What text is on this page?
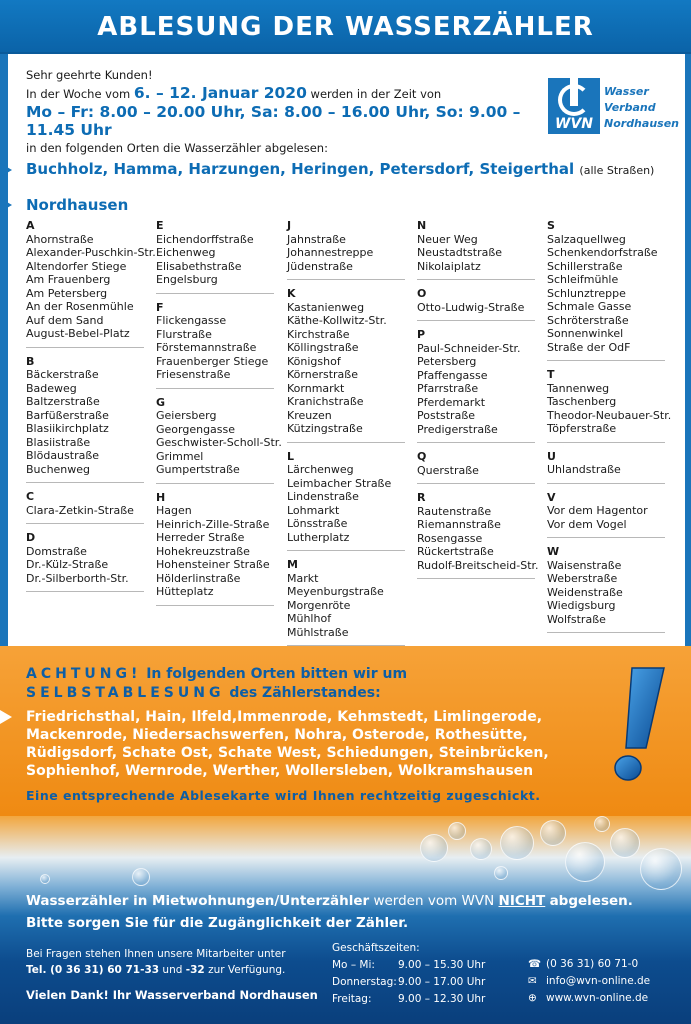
ABLESUNG DER WASSERZÄHLER
Sehr geehrte Kunden!
In der Woche vom 6. – 12. Januar 2020 werden in der Zeit von
Mo – Fr: 8.00 – 20.00 Uhr, Sa: 8.00 – 16.00 Uhr, So: 9.00 – 11.45 Uhr
in den folgenden Orten die Wasserzähler abgelesen:
WVN
Wasser
Verband
Nordhausen
Buchholz, Hamma, Harzungen, Heringen, Petersdorf, Steigerthal (alle Straßen)
Nordhausen
A
Ahornstraße
Alexander-Puschkin-Str.
Altendorfer Stiege
Am Frauenberg
Am Petersberg
An der Rosenmühle
Auf dem Sand
August-Bebel-Platz
B
Bäckerstraße
Badeweg
Baltzerstraße
Barfüßerstraße
Blasiikirchplatz
Blasiistraße
Blödaustraße
Buchenweg
C
Clara-Zetkin-Straße
D
Domstraße
Dr.-Külz-Straße
Dr.-Silberborth-Str.
E
Eichendorffstraße
Eichenweg
Elisabethstraße
Engelsburg
F
Flickengasse
Flurstraße
Förstemannstraße
Frauenberger Stiege
Friesenstraße
G
Geiersberg
Georgengasse
Geschwister-Scholl-Str.
Grimmel
Gumpertstraße
H
Hagen
Heinrich-Zille-Straße
Herreder Straße
Hohekreuzstraße
Hohensteiner Straße
Hölderlinstraße
Hütteplatz
J
Jahnstraße
Johannestreppe
Jüdenstraße
K
Kastanienweg
Käthe-Kollwitz-Str.
Kirchstraße
Köllingstraße
Königshof
Körnerstraße
Kornmarkt
Kranichstraße
Kreuzen
Kützingstraße
L
Lärchenweg
Leimbacher Straße
Lindenstraße
Lohmarkt
Lönsstraße
Lutherplatz
M
Markt
Meyenburgstraße
Morgenröte
Mühlhof
Mühlstraße
N
Neuer Weg
Neustadtstraße
Nikolaiplatz
O
Otto-Ludwig-Straße
P
Paul-Schneider-Str.
Petersberg
Pfaffengasse
Pfarrstraße
Pferdemarkt
Poststraße
Predigerstraße
Q
Querstraße
R
Rautenstraße
Riemannstraße
Rosengasse
Rückertstraße
Rudolf-Breitscheid-Str.
S
Salzaquellweg
Schenkendorfstraße
Schillerstraße
Schleifmühle
Schlunztreppe
Schmale Gasse
Schröterstraße
Sonnenwinkel
Straße der OdF
T
Tannenweg
Taschenberg
Theodor-Neubauer-Str.
Töpferstraße
U
Uhlandstraße
V
Vor dem Hagentor
Vor dem Vogel
W
Waisenstraße
Weberstraße
Weidenstraße
Wiedigsburg
Wolfstraße
ACHTUNG! In folgenden Orten bitten wir um
SELBSTABLESUNG des Zählerstandes:
Friedrichsthal, Hain, Ilfeld,Immenrode, Kehmstedt, Limlingerode, Mackenrode, Niedersachswerfen, Nohra, Osterode, Rothesütte, Rüdigsdorf, Schate Ost, Schate West, Schiedungen, Steinbrücken, Sophienhof, Wernrode, Werther, Wollersleben, Wolkramshausen
Eine entsprechende Ablesekarte wird Ihnen rechtzeitig zugeschickt.
Wasserzähler in Mietwohnungen/Unterzähler werden vom WVN NICHT abgelesen.
Bitte sorgen Sie für die Zugänglichkeit der Zähler.
Bei Fragen stehen Ihnen unsere Mitarbeiter unter
Tel. (0 36 31) 60 71-33 und -32 zur Verfügung.
Vielen Dank! Ihr Wasserverband Nordhausen
Geschäftszeiten:
Mo – Mi: 9.00 – 15.30 Uhr
Donnerstag:9.00 – 17.00 Uhr
Freitag:	9.00 – 12.30 Uhr
☎ (0 36 31) 60 71-0
✉ info@wvn-online.de
⊕ www.wvn-online.de
